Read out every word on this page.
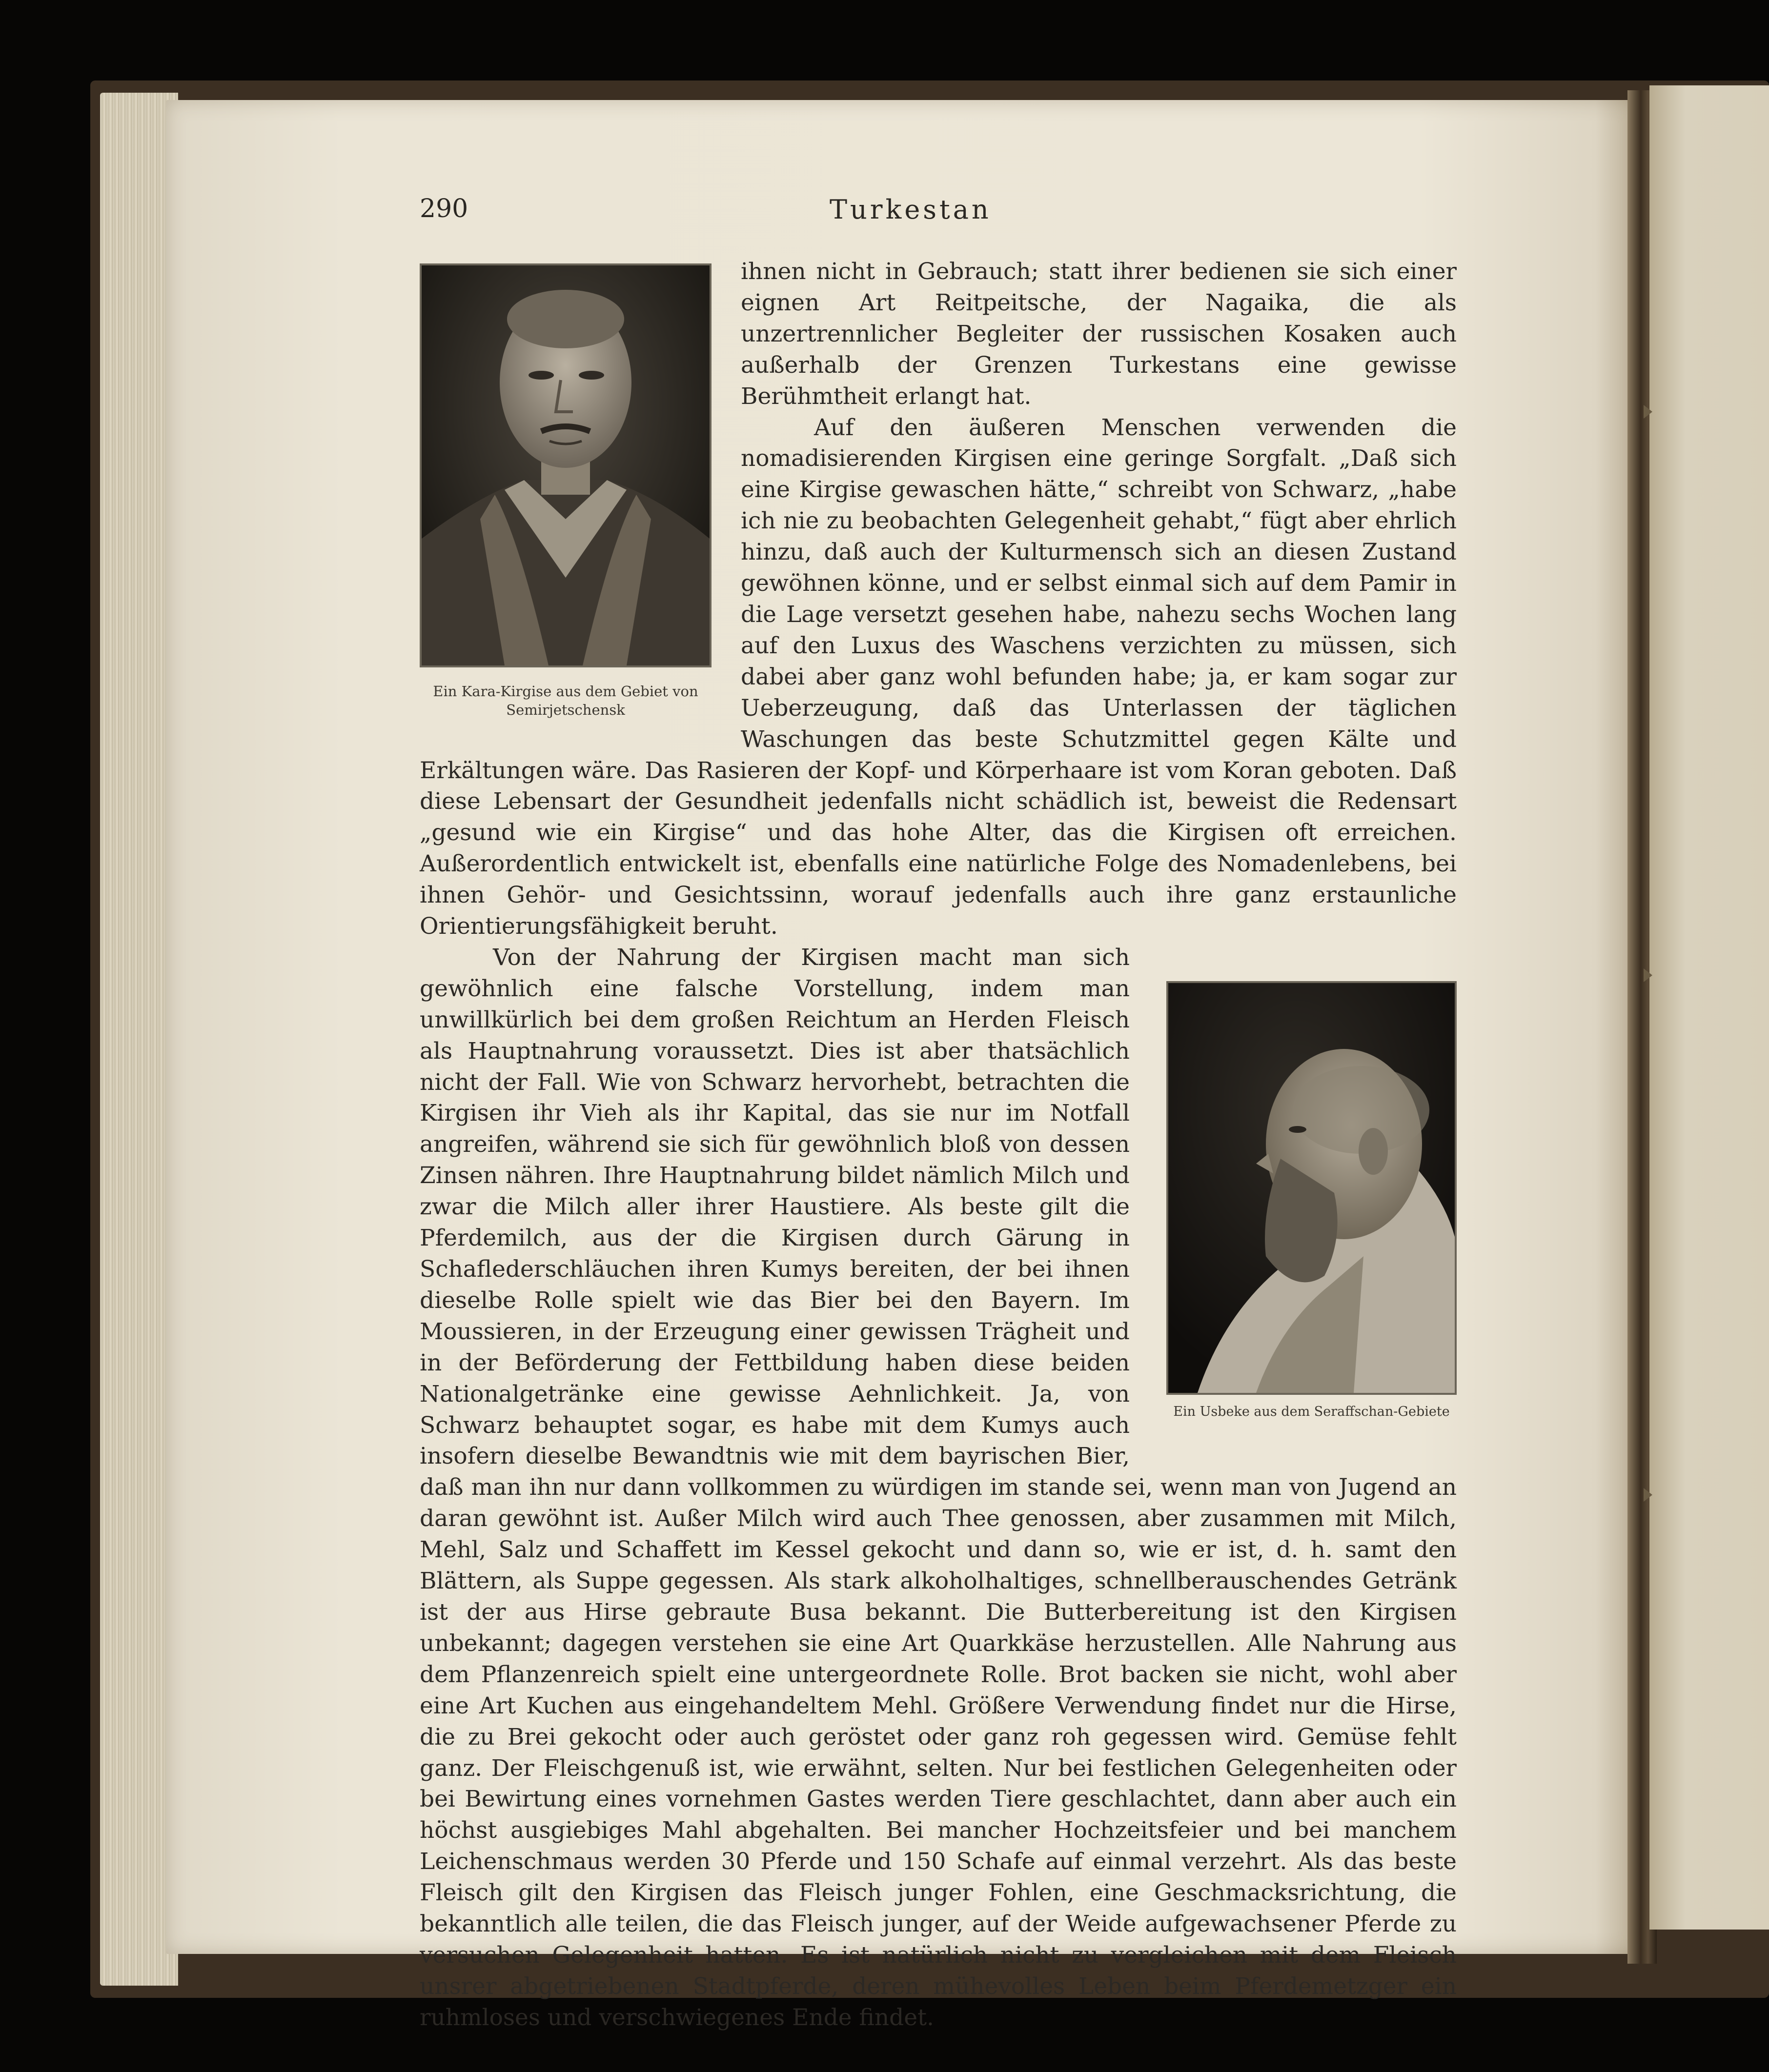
290	Turkestan
Ein Kara-Kirgise aus dem Gebiet von Semirjetschensk

ihnen nicht in Gebrauch; statt ihrer bedienen sie sich einer eignen Art Reitpeitsche, der Nagaika, die als unzertrennlicher Begleiter der russischen Kosaken auch außerhalb der Grenzen Turkestans eine gewisse Berühmtheit erlangt hat.

Auf den äußeren Menschen verwenden die nomadisierenden Kirgisen eine geringe Sorgfalt. „Daß sich eine Kirgise gewaschen hätte,“ schreibt von Schwarz, „habe ich nie zu beobachten Gelegenheit gehabt,“ fügt aber ehrlich hinzu, daß auch der Kulturmensch sich an diesen Zustand gewöhnen könne, und er selbst einmal sich auf dem Pamir in die Lage versetzt gesehen habe, nahezu sechs Wochen lang auf den Luxus des Waschens verzichten zu müssen, sich dabei aber ganz wohl befunden habe; ja, er kam sogar zur Ueberzeugung, daß das Unterlassen der täglichen Waschungen das beste Schutzmittel gegen Kälte und Erkältungen wäre. Das Rasieren der Kopf- und Körperhaare ist vom Koran geboten. Daß diese Lebensart der Gesundheit jedenfalls nicht schädlich ist, beweist die Redensart „gesund wie ein Kirgise“ und das hohe Alter, das die Kirgisen oft erreichen. Außerordentlich entwickelt ist, ebenfalls eine natürliche Folge des Nomadenlebens, bei ihnen Gehör- und Gesichtssinn, worauf jedenfalls auch ihre ganz erstaunliche Orientierungsfähigkeit beruht.

Ein Usbeke aus dem Seraffschan-Gebiete

Von der Nahrung der Kirgisen macht man sich gewöhnlich eine falsche Vorstellung, indem man unwillkürlich bei dem großen Reichtum an Herden Fleisch als Hauptnahrung voraussetzt. Dies ist aber thatsächlich nicht der Fall. Wie von Schwarz hervorhebt, betrachten die Kirgisen ihr Vieh als ihr Kapital, das sie nur im Notfall angreifen, während sie sich für gewöhnlich bloß von dessen Zinsen nähren. Ihre Hauptnahrung bildet nämlich Milch und zwar die Milch aller ihrer Haustiere. Als beste gilt die Pferdemilch, aus der die Kirgisen durch Gärung in Schaflederschläuchen ihren Kumys bereiten, der bei ihnen dieselbe Rolle spielt wie das Bier bei den Bayern. Im Moussieren, in der Erzeugung einer gewissen Trägheit und in der Beförderung der Fettbildung haben diese beiden Nationalgetränke eine gewisse Aehnlichkeit. Ja, von Schwarz behauptet sogar, es habe mit dem Kumys auch insofern dieselbe Bewandtnis wie mit dem bayrischen Bier, daß man ihn nur dann vollkommen zu würdigen im stande sei, wenn man von Jugend an daran gewöhnt ist. Außer Milch wird auch Thee genossen, aber zusammen mit Milch, Mehl, Salz und Schaffett im Kessel gekocht und dann so, wie er ist, d. h. samt den Blättern, als Suppe gegessen. Als stark alkoholhaltiges, schnellberauschendes Getränk ist der aus Hirse gebraute Busa bekannt. Die Butterbereitung ist den Kirgisen unbekannt; dagegen verstehen sie eine Art Quarkkäse herzustellen. Alle Nahrung aus dem Pflanzenreich spielt eine untergeordnete Rolle. Brot backen sie nicht, wohl aber eine Art Kuchen aus eingehandeltem Mehl. Größere Verwendung findet nur die Hirse, die zu Brei gekocht oder auch geröstet oder ganz roh gegessen wird. Gemüse fehlt ganz. Der Fleischgenuß ist, wie erwähnt, selten. Nur bei festlichen Gelegenheiten oder bei Bewirtung eines vornehmen Gastes werden Tiere geschlachtet, dann aber auch ein höchst ausgiebiges Mahl abgehalten. Bei mancher Hochzeitsfeier und bei manchem Leichenschmaus werden 30 Pferde und 150 Schafe auf einmal verzehrt. Als das beste Fleisch gilt den Kirgisen das Fleisch junger Fohlen, eine Geschmacksrichtung, die bekanntlich alle teilen, die das Fleisch junger, auf der Weide aufgewachsener Pferde zu versuchen Gelegenheit hatten. Es ist natürlich nicht zu vergleichen mit dem Fleisch unsrer abgetriebenen Stadtpferde, deren mühevolles Leben beim Pferdemetzger ein ruhmloses und verschwiegenes Ende findet.
